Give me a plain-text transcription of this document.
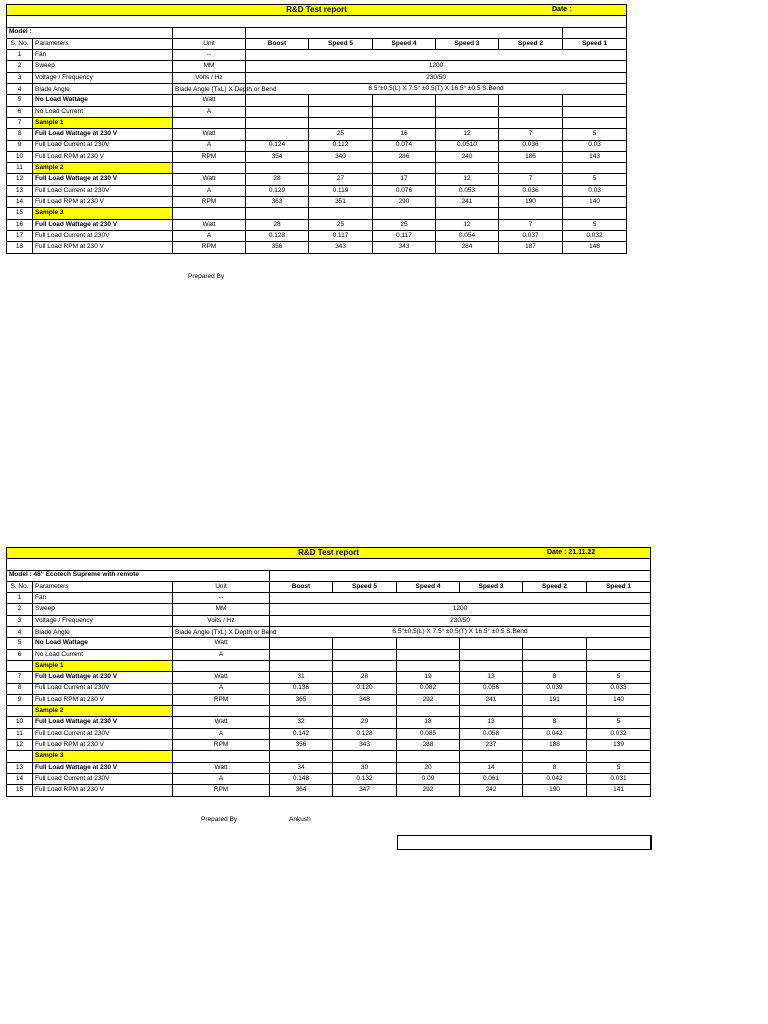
R&D Test report Date :								

Model :								
S. No.	Parameters	Unit	Boost	Speed 5	Speed 4	Speed 3	Speed 2	Speed 1
1	Fan	--						
2	Sweep	MM	1200					
3	Voltage / Frequency	Volts / Hz	230/50					
4	Blade Angle	Blade Angle (TxL) X Depth or Bend	6.5°±0.5(L) X 7.5° ±0.5(T) X 16.5° ±0.5 S.Bend					
5	No Load Wattage	Watt						
6	No Load Current	A						
7	Sample 1							
8	Full Load Wattage at 230 V	Watt		25	16	12	7	5
9	Full Load Current at 230V	A	0.124	0.112	0.074	0.0510	0.036	0.03
10	Full Load RPM at 230 V	RPM	354	340	286	240	186	143
11	Sample 2							
12	Full Load Wattage at 230 V	Watt	28	27	17	12	7	5
13	Full Load Current at 230V	A	0.129	0.119	0.076	0.053	0.036	0.03
14	Full Load RPM at 230 V	RPM	363	351	290	241	190	140
15	Sample 3							
16	Full Load Wattage at 230 V	Watt	28	25	25	12	7	5
17	Full Load Current at 230V	A	0.128	0.117	0.117	0.054	0.037	0.032
18	Full Load RPM at 230 V	RPM	356	343	343	284	187	148
Prepared By
R&D Test report Date : 21.11.22								

Model : 48" Ecotech Supreme with remote								
S. No.	Parameters	Unit	Boost	Speed 5	Speed 4	Speed 3	Speed 2	Speed 1
1	Fan	--						
2	Sweep	MM	1200					
3	Voltage / Frequency	Volts / Hz	230/50					
4	Blade Angle	Blade Angle (TxL) X Depth or Bend	6.5°±0.5(L) X 7.5° ±0.5(T) X 16.5° ±0.5 S.Bend					
5	No Load Wattage	Watt						
6	No Load Current	A						
	Sample 1							
7	Full Load Wattage at 230 V	Watt	31	28	19	13	8	5
8	Full Load Current at 230V	A	0.136	0.120	0.082	0.056	0.039	0.033
9	Full Load RPM at 230 V	RPM	365	348	292	241	191	140
	Sample 2							
10	Full Load Wattage at 230 V	Watt	32	29	18	13	8	5
11	Full Load Current at 230V	A	0.142	0.128	0.085	0.058	0.042	0.032
12	Full Load RPM at 230 V	RPM	356	343	288	237	188	139
	Sample 3							
13	Full Load Wattage at 230 V	Watt	34	30	20	14	8	5
14	Full Load Current at 230V	A	0.148	0.132	0.09	0.061	0.042	0.031
15	Full Load RPM at 230 V	RPM	364	347	292	242	190	141
Prepared By	Ankush
